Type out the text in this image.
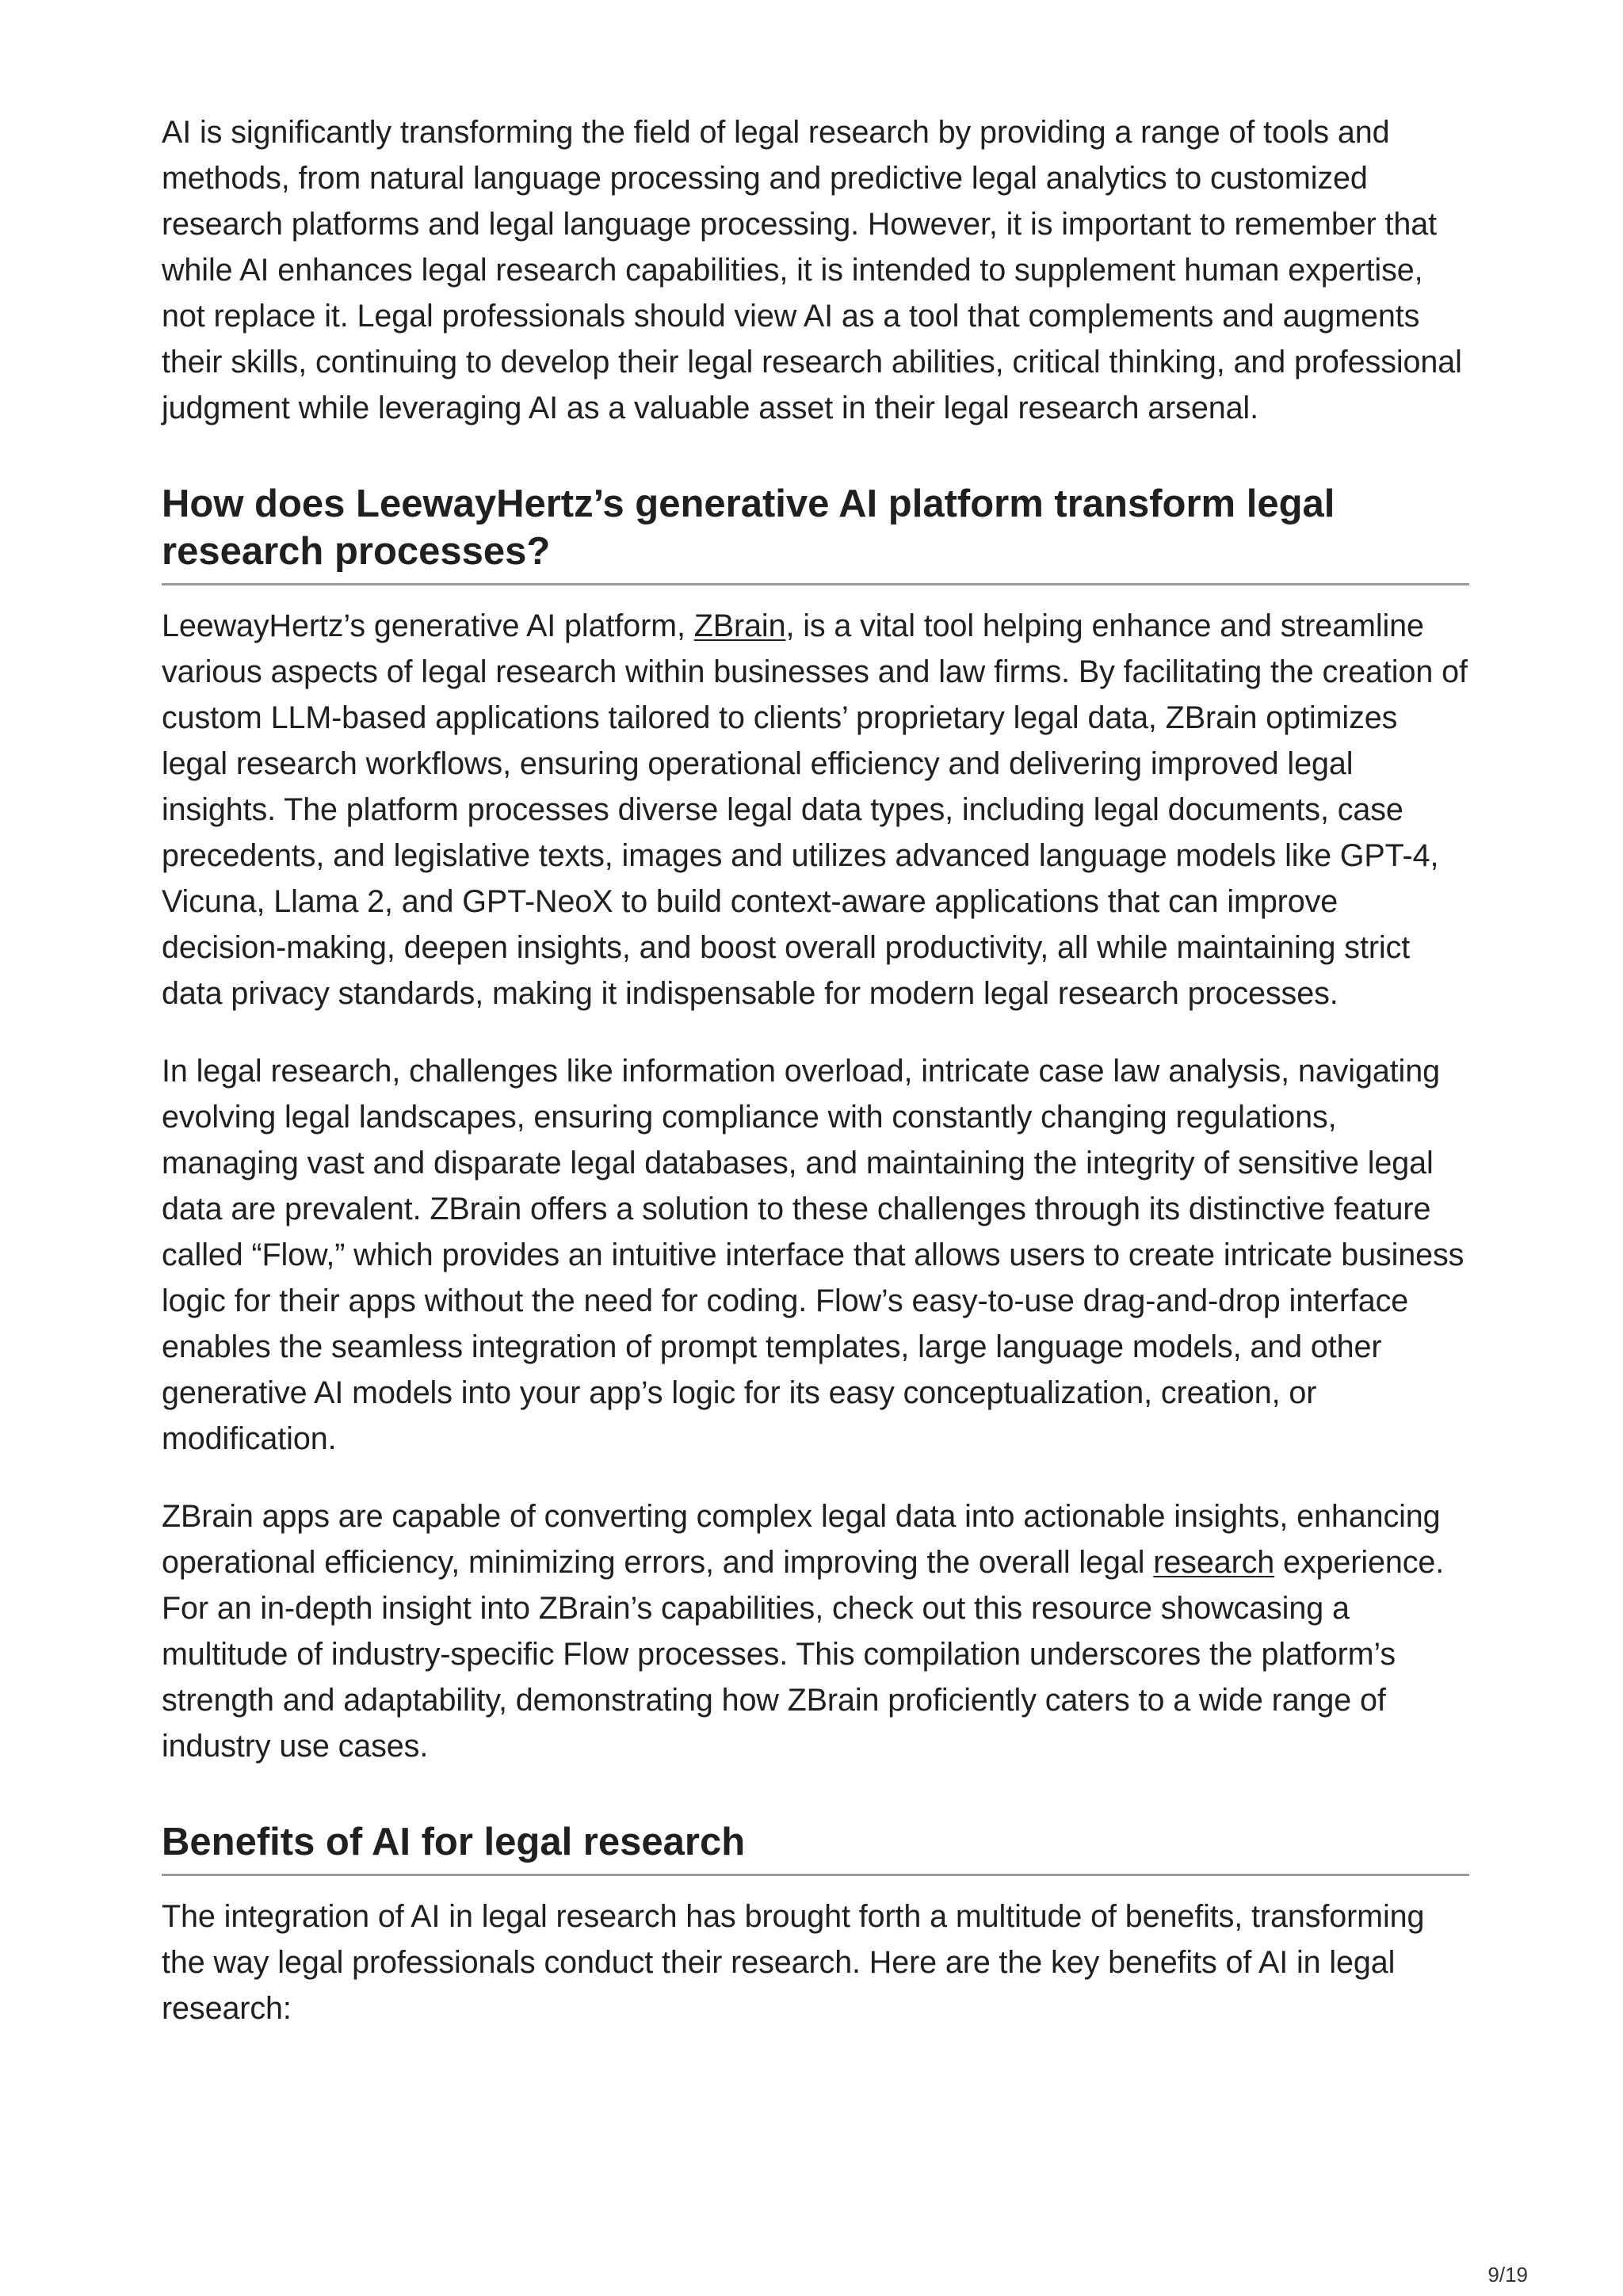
AI is significantly transforming the field of legal research by providing a range of tools and methods, from natural language processing and predictive legal analytics to customized research platforms and legal language processing. However, it is important to remember that while AI enhances legal research capabilities, it is intended to supplement human expertise, not replace it. Legal professionals should view AI as a tool that complements and augments their skills, continuing to develop their legal research abilities, critical thinking, and professional judgment while leveraging AI as a valuable asset in their legal research arsenal.

How does LeewayHertz’s generative AI platform transform legal research processes?

LeewayHertz’s generative AI platform, ZBrain, is a vital tool helping enhance and streamline various aspects of legal research within businesses and law firms. By facilitating the creation of custom LLM-based applications tailored to clients’ proprietary legal data, ZBrain optimizes legal research workflows, ensuring operational efficiency and delivering improved legal insights. The platform processes diverse legal data types, including legal documents, case precedents, and legislative texts, images and utilizes advanced language models like GPT-4, Vicuna, Llama 2, and GPT-NeoX to build context-aware applications that can improve decision-making, deepen insights, and boost overall productivity, all while maintaining strict data privacy standards, making it indispensable for modern legal research processes.

In legal research, challenges like information overload, intricate case law analysis, navigating evolving legal landscapes, ensuring compliance with constantly changing regulations, managing vast and disparate legal databases, and maintaining the integrity of sensitive legal data are prevalent. ZBrain offers a solution to these challenges through its distinctive feature called “Flow,” which provides an intuitive interface that allows users to create intricate business logic for their apps without the need for coding. Flow’s easy-to-use drag-and-drop interface enables the seamless integration of prompt templates, large language models, and other generative AI models into your app’s logic for its easy conceptualization, creation, or modification.

ZBrain apps are capable of converting complex legal data into actionable insights, enhancing operational efficiency, minimizing errors, and improving the overall legal research experience. For an in-depth insight into ZBrain’s capabilities, check out this resource showcasing a multitude of industry-specific Flow processes. This compilation underscores the platform’s strength and adaptability, demonstrating how ZBrain proficiently caters to a wide range of industry use cases.

Benefits of AI for legal research

The integration of AI in legal research has brought forth a multitude of benefits, transforming the way legal professionals conduct their research. Here are the key benefits of AI in legal research:

9/19
